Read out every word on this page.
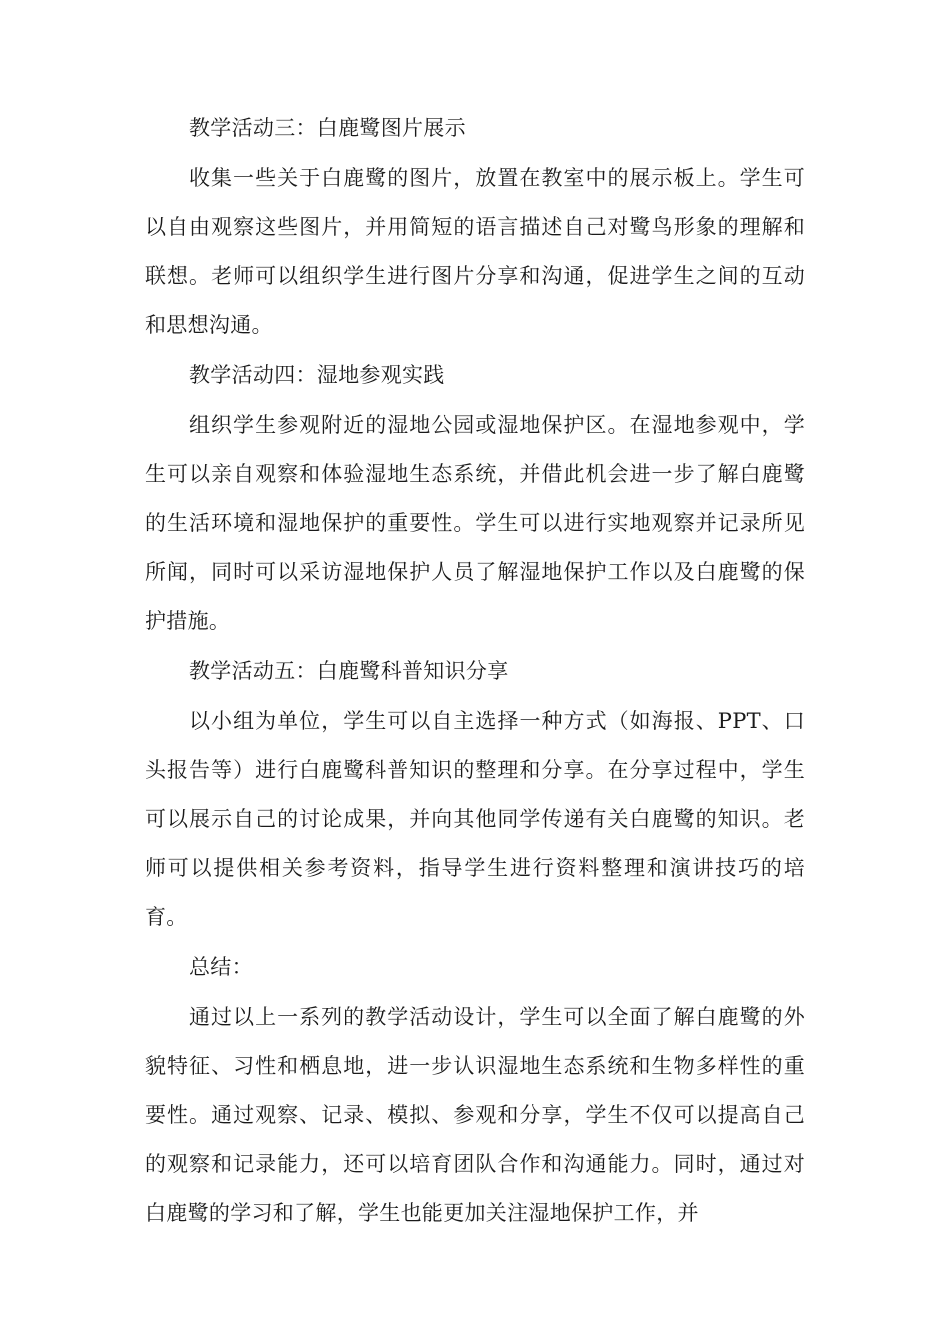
教学活动三：白鹿鹭图片展示

收集一些关于白鹿鹭的图片，放置在教室中的展示板上。学生可以自由观察这些图片，并用简短的语言描述自己对鹭鸟形象的理解和联想。老师可以组织学生进行图片分享和沟通，促进学生之间的互动和思想沟通。

教学活动四：湿地参观实践

组织学生参观附近的湿地公园或湿地保护区。在湿地参观中，学生可以亲自观察和体验湿地生态系统，并借此机会进一步了解白鹿鹭的生活环境和湿地保护的重要性。学生可以进行实地观察并记录所见所闻，同时可以采访湿地保护人员了解湿地保护工作以及白鹿鹭的保护措施。

教学活动五：白鹿鹭科普知识分享

以小组为单位，学生可以自主选择一种方式（如海报、PPT、口头报告等）进行白鹿鹭科普知识的整理和分享。在分享过程中，学生可以展示自己的讨论成果，并向其他同学传递有关白鹿鹭的知识。老师可以提供相关参考资料，指导学生进行资料整理和演讲技巧的培育。

总结：

通过以上一系列的教学活动设计，学生可以全面了解白鹿鹭的外貌特征、习性和栖息地，进一步认识湿地生态系统和生物多样性的重要性。通过观察、记录、模拟、参观和分享，学生不仅可以提高自己的观察和记录能力，还可以培育团队合作和沟通能力。同时，通过对白鹿鹭的学习和了解，学生也能更加关注湿地保护工作，并
